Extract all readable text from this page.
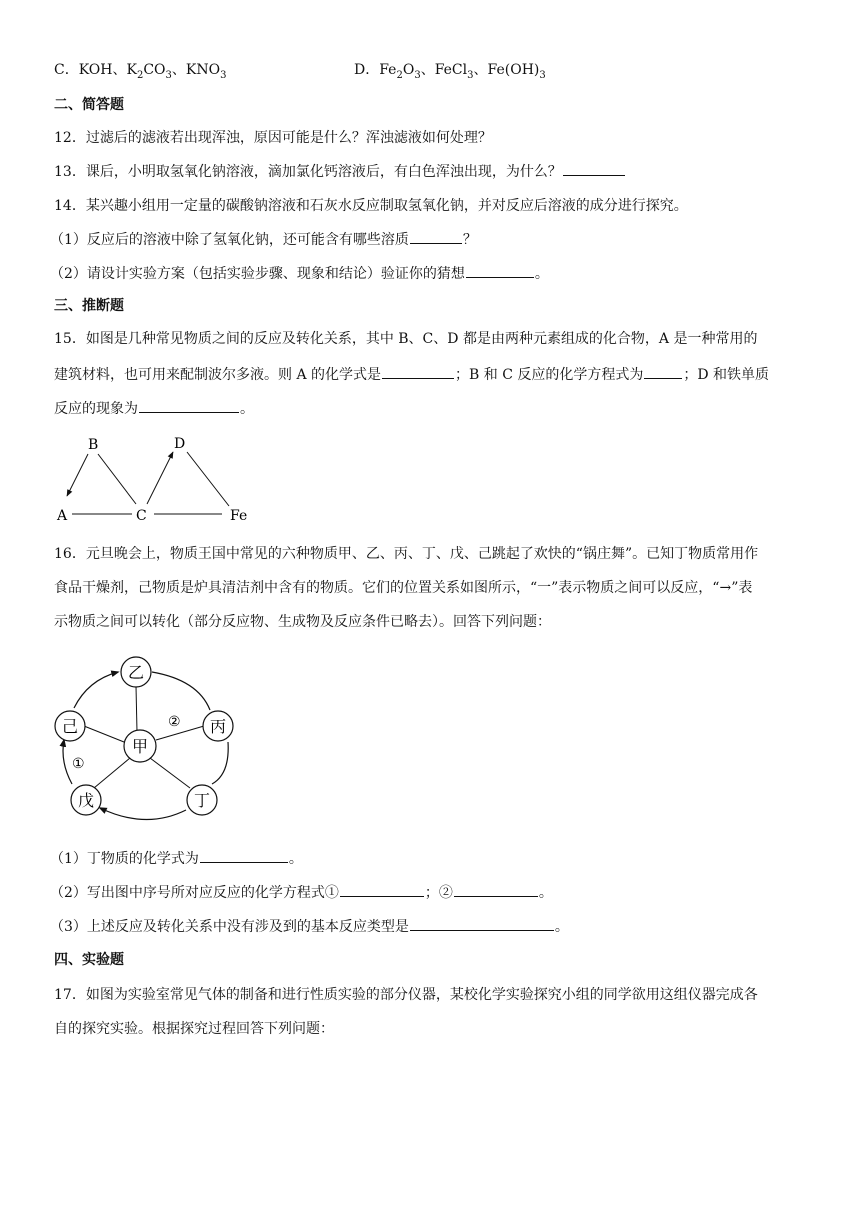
C．KOH、$K_2CO_3$、$KNO_3$	D．$Fe_2O_3$、FeCl$_3$、$Fe(OH)_3$
二、简答题
12．过滤后的滤液若出现浑浊，原因可能是什么？浑浊滤液如何处理？
13．课后，小明取氢氧化钠溶液，滴加氯化钙溶液后，有白色浑浊出现，为什么？
14．某兴趣小组用一定量的碳酸钠溶液和石灰水反应制取氢氧化钠，并对反应后溶液的成分进行探究。
（1）反应后的溶液中除了氢氧化钠，还可能含有哪些溶质	？
（2）请设计实验方案（包括实验步骤、现象和结论）验证你的猜想	。
三、推断题
15．如图是几种常见物质之间的反应及转化关系，其中 B、C、D 都是由两种元素组成的化合物，A 是一种常用的
建筑材料，也可用来配制波尔多液。则 A 的化学式是	；B 和 C 反应的化学方程式为	；D 和铁单质
反应的现象为	。
B
A	C
D
Fe
16．元旦晚会上，物质王国中常见的六种物质甲、乙、丙、丁、戊、己跳起了欢快的“锅庄舞”。已知丁物质常用作
食品干燥剂，己物质是炉具清洁剂中含有的物质。它们的位置关系如图所示，“一”表示物质之间可以反应，“→”表
示物质之间可以转化（部分反应物、生成物及反应条件已略去）。回答下列问题：
乙
丙
己
甲
戊	丁
①
②
（1）丁物质的化学式为	。
（2）写出图中序号所对应反应的化学方程式①	；②	。
（3）上述反应及转化关系中没有涉及到的基本反应类型是	。
四、实验题
17．如图为实验室常见气体的制备和进行性质实验的部分仪器，某校化学实验探究小组的同学欲用这组仪器完成各
自的探究实验。根据探究过程回答下列问题：
